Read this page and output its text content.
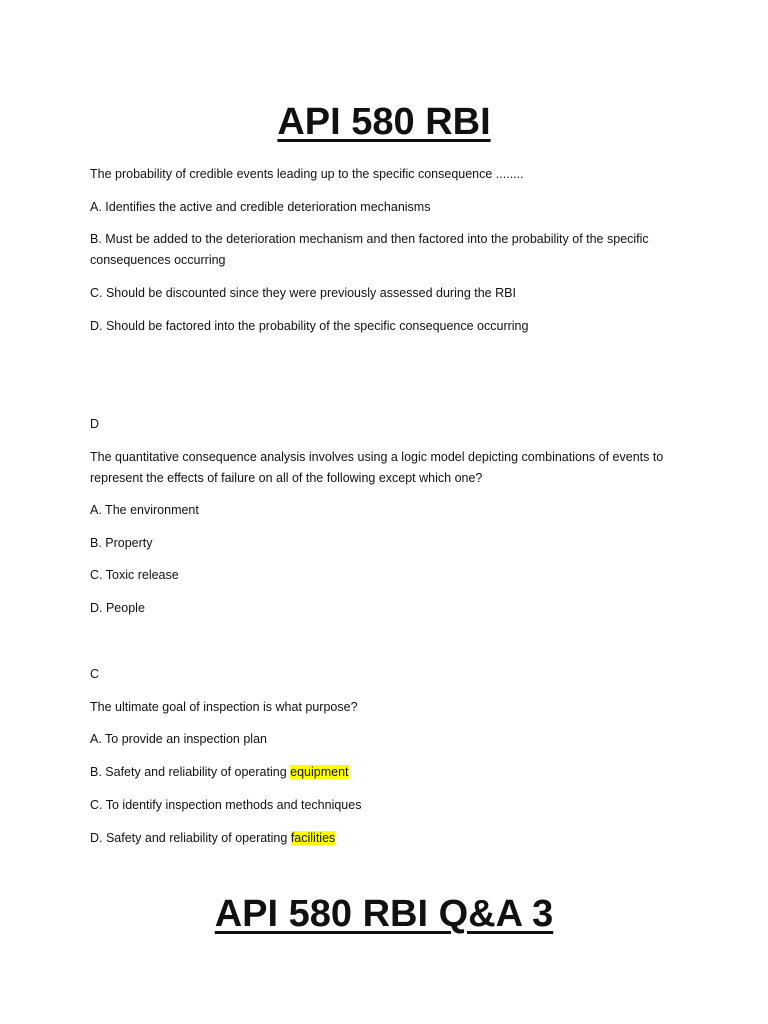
API 580 RBI
The probability of credible events leading up to the specific consequence ........
A. Identifies the active and credible deterioration mechanisms
B. Must be added to the deterioration mechanism and then factored into the probability of the specific consequences occurring
C. Should be discounted since they were previously assessed during the RBI
D. Should be factored into the probability of the specific consequence occurring
D
The quantitative consequence analysis involves using a logic model depicting combinations of events to represent the effects of failure on all of the following except which one?
A. The environment
B. Property
C. Toxic release
D. People
C
The ultimate goal of inspection is what purpose?
A. To provide an inspection plan
B. Safety and reliability of operating equipment
C. To identify inspection methods and techniques
D. Safety and reliability of operating facilities
API 580 RBI Q&A 3
